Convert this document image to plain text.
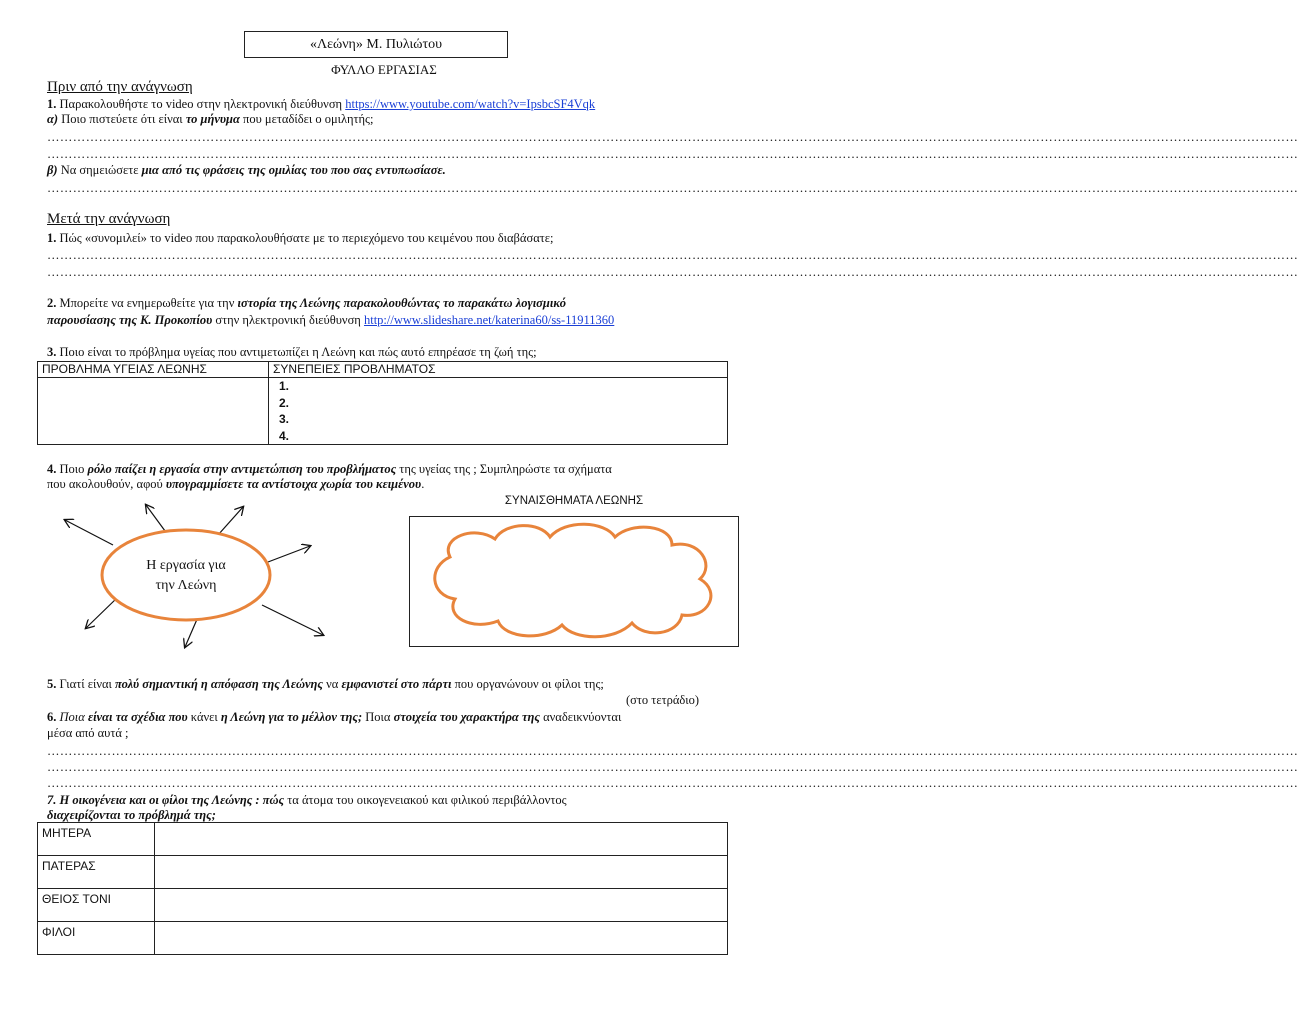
«Λεώνη» Μ. Πυλιώτου
ΦΥΛΛΟ ΕΡΓΑΣΙΑΣ
Πριν από την ανάγνωση
1. Παρακολουθήστε το video στην ηλεκτρονική διεύθυνση https://www.youtube.com/watch?v=IpsbcSF4Vqk
α) Ποιο πιστεύετε ότι είναι το μήνυμα που μεταδίδει ο ομιλητής;
…………………………………………………………………………………………………………………………………………………………………………………………………………………………………………………………………
…………………………………………………………………………………………………………………………………………………………………………………………………………………………………………………………………
β) Να σημειώσετε μια από τις φράσεις της ομιλίας του που σας εντυπωσίασε.
…………………………………………………………………………………………………………………………………………………………………………………………………………………………………………………………………
Μετά την ανάγνωση
1. Πώς «συνομιλεί» το video που παρακολουθήσατε με το περιεχόμενο του κειμένου που διαβάσατε;
…………………………………………………………………………………………………………………………………………………………………………………………………………………………………………………………………
…………………………………………………………………………………………………………………………………………………………………………………………………………………………………………………………………
2. Μπορείτε να ενημερωθείτε για την ιστορία της Λεώνης παρακολουθώντας το παρακάτω λογισμικό
παρουσίασης της Κ. Προκοπίου στην ηλεκτρονική διεύθυνση http://www.slideshare.net/katerina60/ss-11911360
3. Ποιο είναι το πρόβλημα υγείας που αντιμετωπίζει η Λεώνη και πώς αυτό επηρέασε τη ζωή της;
ΠΡΟΒΛΗΜΑ ΥΓΕΙΑΣ ΛΕΩΝΗΣ	ΣΥΝΕΠΕΙΕΣ ΠΡΟΒΛΗΜΑΤΟΣ

	1.
2.
3.
4.
4. Ποιο ρόλο παίζει η εργασία στην αντιμετώπιση του προβλήματος της υγείας της ; Συμπληρώστε τα σχήματα
που ακολουθούν, αφού υπογραμμίσετε τα αντίστοιχα χωρία του κειμένου.
ΣΥΝΑΙΣΘΗΜΑΤΑ ΛΕΩΝΗΣ
Η εργασία για
την Λεώνη
5. Γιατί είναι πολύ σημαντική η απόφαση της Λεώνης να εμφανιστεί στο πάρτι που οργανώνουν οι φίλοι της;
(στο τετράδιο)
6. Ποια είναι τα σχέδια που κάνει η Λεώνη για το μέλλον της; Ποια στοιχεία του χαρακτήρα της αναδεικνύονται
μέσα από αυτά ;
…………………………………………………………………………………………………………………………………………………………………………………………………………………………………………………………………
…………………………………………………………………………………………………………………………………………………………………………………………………………………………………………………………………
…………………………………………………………………………………………………………………………………………………………………………………………………………………………………………………………………
7. Η οικογένεια και οι φίλοι της Λεώνης : πώς τα άτομα του οικογενειακού και φιλικού περιβάλλοντος
διαχειρίζονται το πρόβλημά της;
ΜΗΤΕΡΑ	
ΠΑΤΕΡΑΣ	
ΘΕΙΟΣ ΤΟΝΙ	
ΦΙΛΟΙ	
